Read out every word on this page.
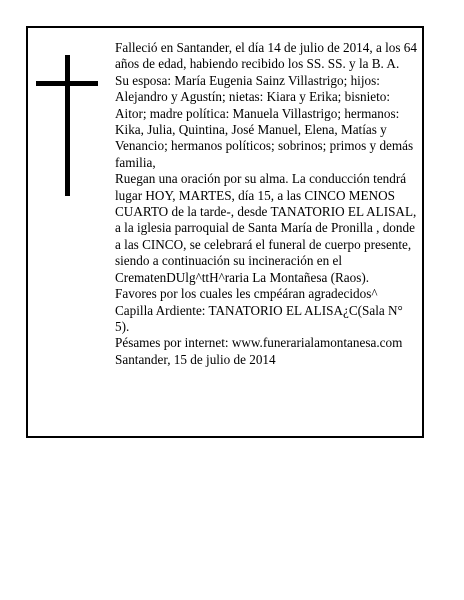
Falleció en Santander, el día 14 de julio de 2014, a los 64 años de edad, habiendo recibido los SS. SS. y la B. A.

Su esposa: María Eugenia Sainz Villastrigo; hijos: Alejandro y Agustín; nietas: Kiara y Erika; bisnieto: Aitor; madre política: Manuela Villastrigo; hermanos: Kika, Julia, Quintina, José Manuel, Elena, Matías y Venancio; hermanos políticos; sobrinos; primos y demás familia,

Ruegan una oración por su alma. La conducción tendrá lugar HOY, MARTES, día 15, a las CINCO MENOS CUARTO de la tarde-, desde TANATORIO EL ALISAL, a la iglesia parroquial de Santa María de Pronilla , donde a las CINCO, se celebrará el funeral de cuerpo presente, siendo a continuación su incineración en el CrematenDUlg^ttH^raria La Montañesa (Raos).

Favores por los cuales les cmpéáran agradecidos^

Capilla Ardiente: TANATORIO EL ALISA¿C(Sala N° 5).

Pésames por internet: www.funerarialamontanesa.com

Santander, 15 de julio de 2014
